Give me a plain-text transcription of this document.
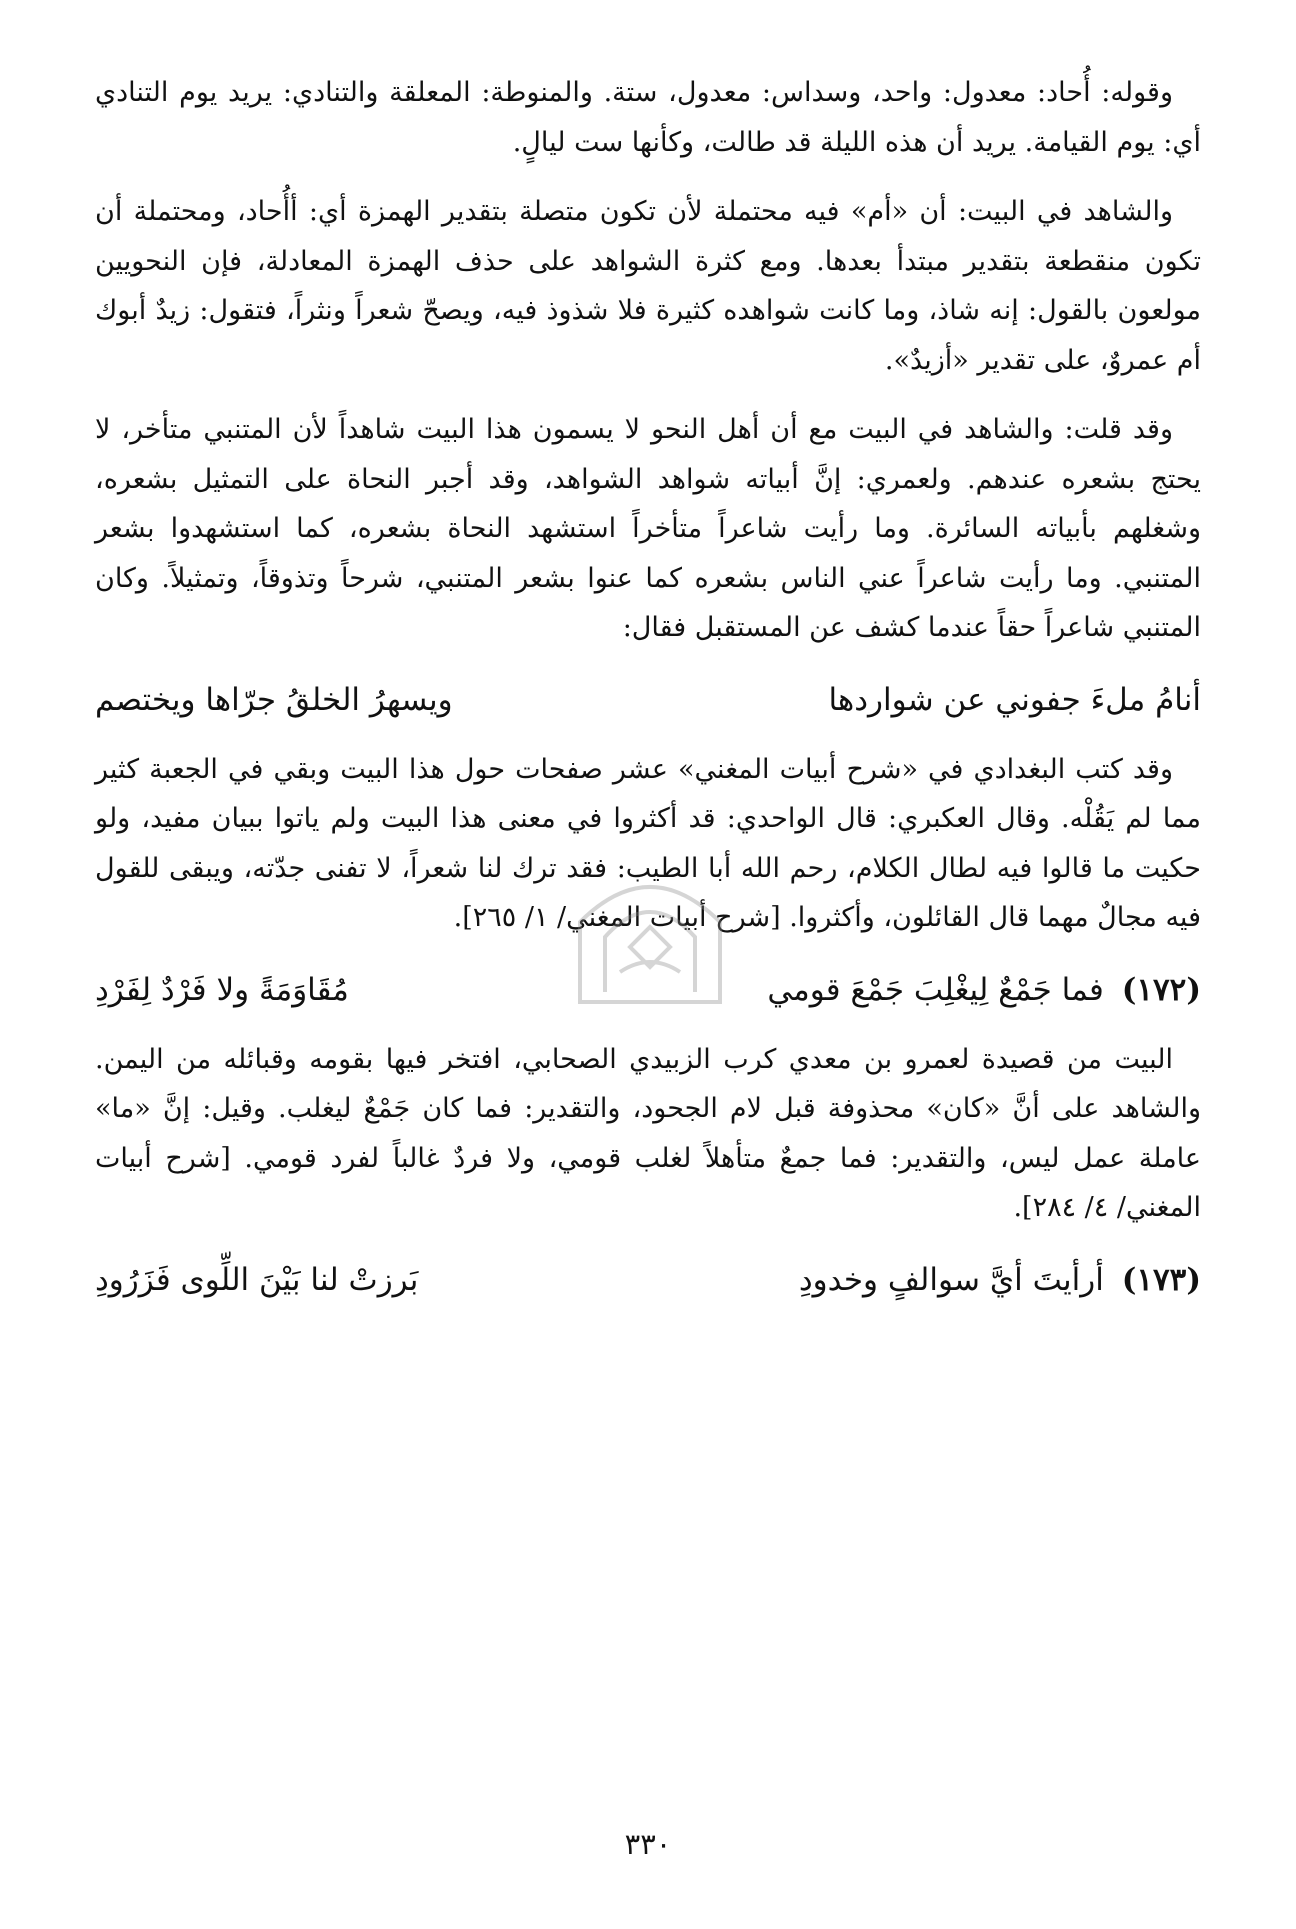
وقوله: أُحاد: معدول: واحد، وسداس: معدول، ستة. والمنوطة: المعلقة والتنادي: يريد يوم التنادي أي: يوم القيامة. يريد أن هذه الليلة قد طالت، وكأنها ست ليالٍ.

والشاهد في البيت: أن «أم» فيه محتملة لأن تكون متصلة بتقدير الهمزة أي: أأُحاد، ومحتملة أن تكون منقطعة بتقدير مبتدأ بعدها. ومع كثرة الشواهد على حذف الهمزة المعادلة، فإن النحويين مولعون بالقول: إنه شاذ، وما كانت شواهده كثيرة فلا شذوذ فيه، ويصحّ شعراً ونثراً، فتقول: زيدٌ أبوك أم عمروٌ، على تقدير «أزيدٌ».

وقد قلت: والشاهد في البيت مع أن أهل النحو لا يسمون هذا البيت شاهداً لأن المتنبي متأخر، لا يحتج بشعره عندهم. ولعمري: إنَّ أبياته شواهد الشواهد، وقد أجبر النحاة على التمثيل بشعره، وشغلهم بأبياته السائرة. وما رأيت شاعراً متأخراً استشهد النحاة بشعره، كما استشهدوا بشعر المتنبي. وما رأيت شاعراً عني الناس بشعره كما عنوا بشعر المتنبي، شرحاً وتذوقاً، وتمثيلاً. وكان المتنبي شاعراً حقاً عندما كشف عن المستقبل فقال:

أنامُ ملءَ جفوني عن شواردها
ويسهرُ الخلقُ جرّاها ويختصم

وقد كتب البغدادي في «شرح أبيات المغني» عشر صفحات حول هذا البيت وبقي في الجعبة كثير مما لم يَقُلْه. وقال العكبري: قال الواحدي: قد أكثروا في معنى هذا البيت ولم ياتوا ببيان مفيد، ولو حكيت ما قالوا فيه لطال الكلام، رحم الله أبا الطيب: فقد ترك لنا شعراً، لا تفنى جدّته، ويبقى للقول فيه مجالٌ مهما قال القائلون، وأكثروا. [شرح أبيات المغني/ ١/ ٢٦٥].

(١٧٢) فما جَمْعٌ لِيغْلِبَ جَمْعَ قومي
مُقَاوَمَةً ولا فَرْدٌ لِفَرْدِ

البيت من قصيدة لعمرو بن معدي كرب الزبيدي الصحابي، افتخر فيها بقومه وقبائله من اليمن. والشاهد على أنَّ «كان» محذوفة قبل لام الجحود، والتقدير: فما كان جَمْعٌ ليغلب. وقيل: إنَّ «ما» عاملة عمل ليس، والتقدير: فما جمعٌ متأهلاً لغلب قومي، ولا فردٌ غالباً لفرد قومي. [شرح أبيات المغني/ ٤/ ٢٨٤].

(١٧٣) أرأيتَ أيَّ سوالفٍ وخدودِ
بَرزتْ لنا بَيْنَ اللِّوى فَزَرُودِ
٣٣٠
